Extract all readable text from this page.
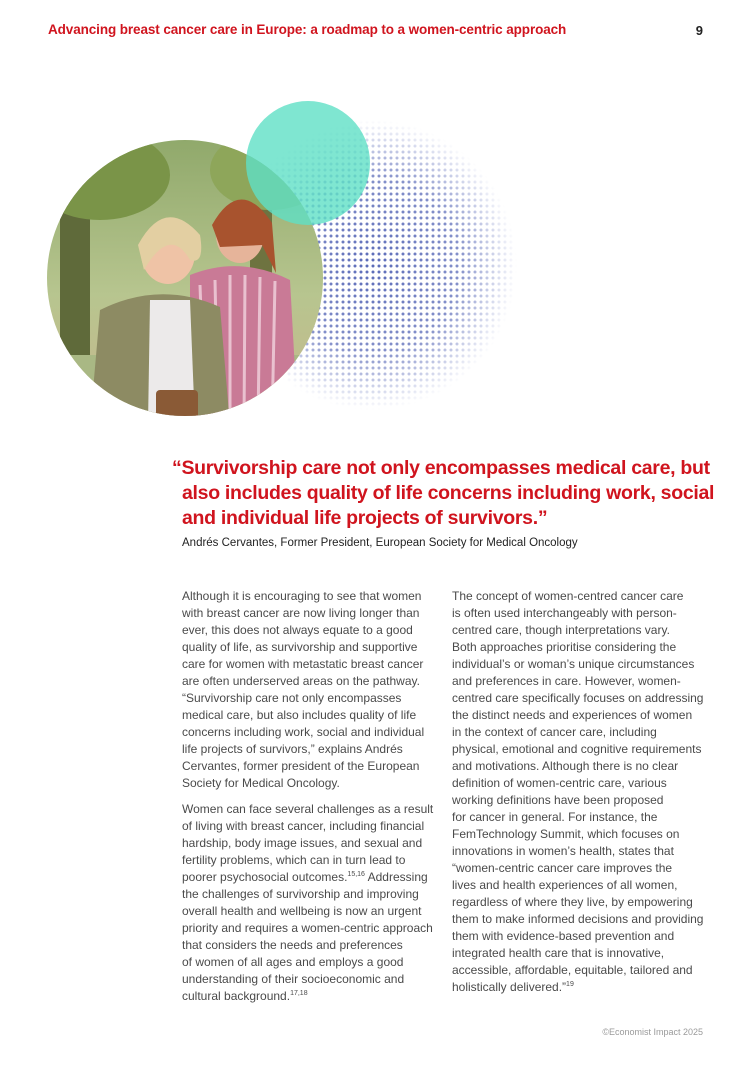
Advancing breast cancer care in Europe: a roadmap to a women-centric approach	9
“Survivorship care not only encompasses medical care, but
also includes quality of life concerns including work, social
and individual life projects of survivors.”
Andrés Cervantes, Former President, European Society for Medical Oncology

Although it is encouraging to see that women
with breast cancer are now living longer than
ever, this does not always equate to a good
quality of life, as survivorship and supportive
care for women with metastatic breast cancer
are often underserved areas on the pathway.
“Survivorship care not only encompasses
medical care, but also includes quality of life
concerns including work, social and individual
life projects of survivors,” explains Andrés
Cervantes, former president of the European
Society for Medical Oncology.

Women can face several challenges as a result
of living with breast cancer, including financial
hardship, body image issues, and sexual and
fertility problems, which can in turn lead to
poorer psychosocial outcomes.$^{15,16}$ Addressing
the challenges of survivorship and improving
overall health and wellbeing is now an urgent
priority and requires a women-centric approach
that considers the needs and preferences
of women of all ages and employs a good
understanding of their socioeconomic and
cultural background.$^{17,18}$

The concept of women-centred cancer care
is often used interchangeably with person-
centred care, though interpretations vary.
Both approaches prioritise considering the
individual’s or woman’s unique circumstances
and preferences in care. However, women-
centred care specifically focuses on addressing
the distinct needs and experiences of women
in the context of cancer care, including
physical, emotional and cognitive requirements
and motivations. Although there is no clear
definition of women-centric care, various
working definitions have been proposed
for cancer in general. For instance, the
FemTechnology Summit, which focuses on
innovations in women’s health, states that
“women-centric cancer care improves the
lives and health experiences of all women,
regardless of where they live, by empowering
them to make informed decisions and providing
them with evidence-based prevention and
integrated health care that is innovative,
accessible, affordable, equitable, tailored and
holistically delivered.”$^{19}$

©Economist Impact 2025
